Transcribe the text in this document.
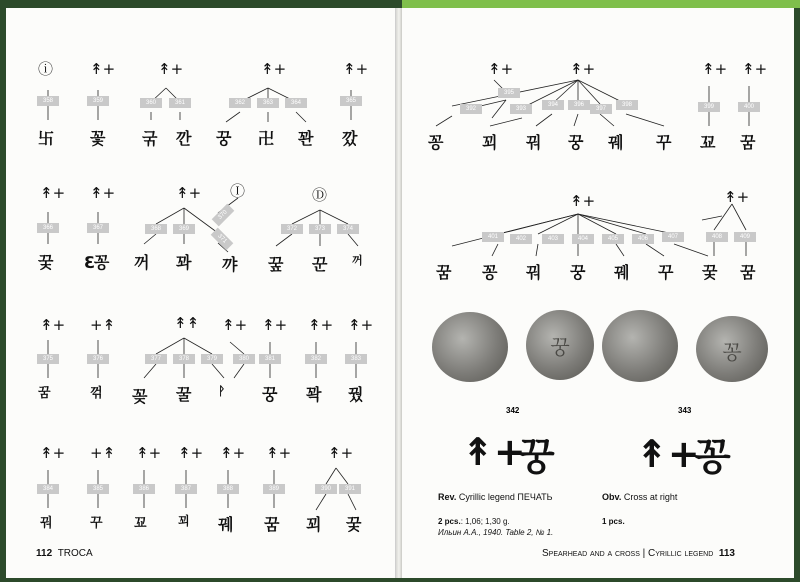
ⓘ ↟+	↟+	↟+	↟+
358	359	360	361	362	363	364	365
卐 꽃 굮 깐 꿍 卍 꽌 깠
↟+ ↟+	↟+ Ⓘ	Ⓓ
366	367	368	369
370
371
372	373	374
꿎 ℇ꽁 꺼 꽈 꺄 꿒 꾼 꺼
↟+ +↟	↟↟ ↟+ ↟+ ↟+ ↟+
375	376	377	378	379	380	381	382	383
꿈	꺾 꽂 꿀 ᚹ 꿍 꽉 꿨
↟+ +↟ ↟+ ↟+ ↟+ ↟+ ↟+
384	385	386	387	388	389	390	391
꿔	꾸 꾜	꾀 꿰 꿈 꾀 꿎
112 TROCA
↟+	↟+	↟+ ↟+
395
392	393
394	396
397
398	399	400
꽁 꾀 꿔 꿍 꿰 꾸 꾜 꿈
↟+	↟+
401	402	403	404	405	406	407	408	409
꿈 꽁 꿔 꿍 꿰 꾸 꿎 꿈
꿍	꽁
342	343
↟+
꿍 ↟+
꽁
Rev. Cyrillic legend ПЕЧАТЬ
2 pcs.: 1,06; 1,30 g.
Ильин А.А., 1940. Table 2, № 1.
Obv. Cross at right
1 pcs.
Spearhead and a cross | Cyrillic legend 113
